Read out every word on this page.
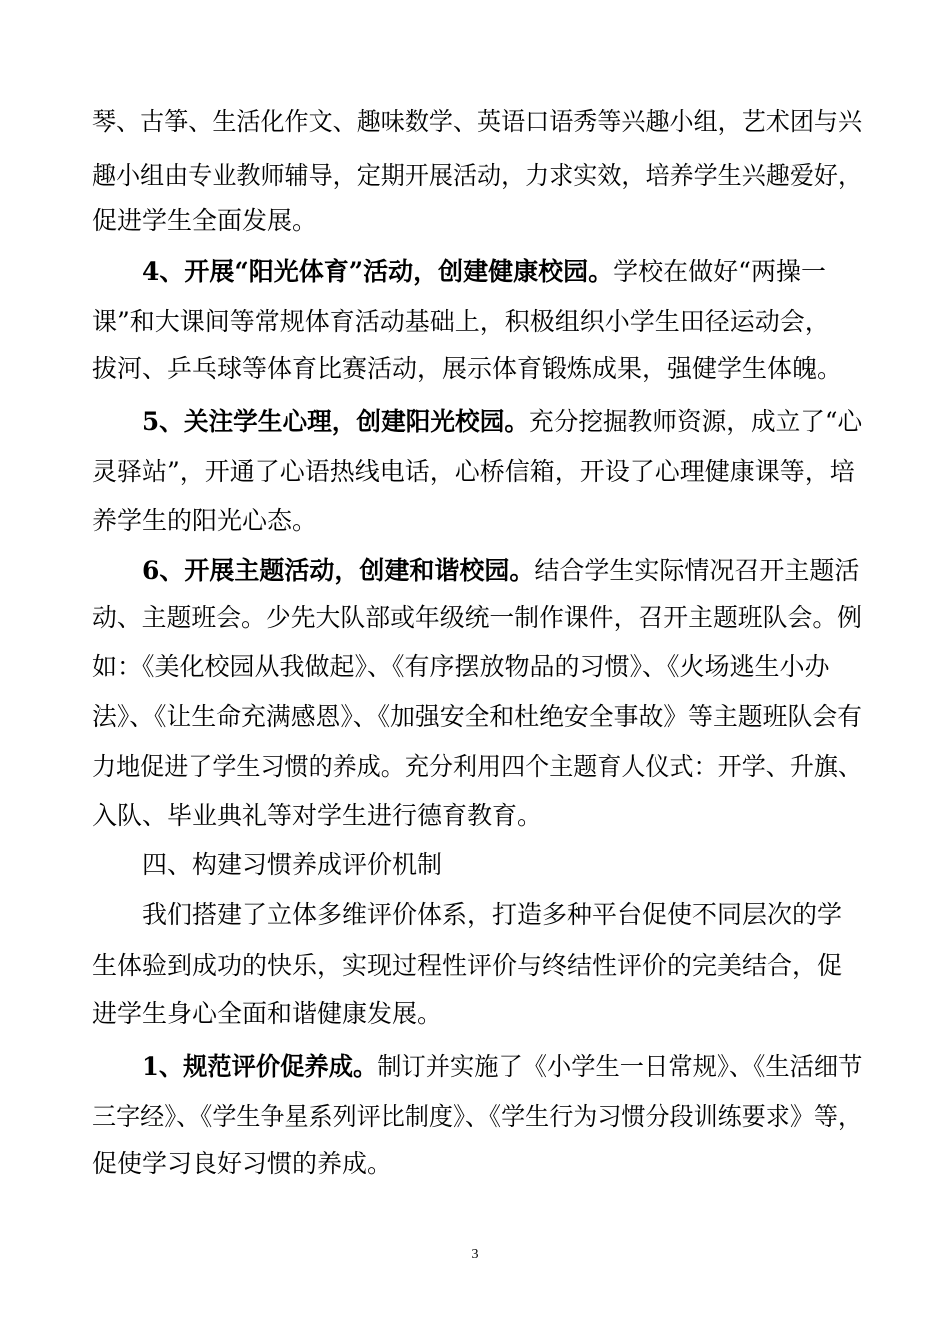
琴、古筝、生活化作文、趣味数学、英语口语秀等兴趣小组，艺术团与兴
趣小组由专业教师辅导，定期开展活动，力求实效，培养学生兴趣爱好，
促进学生全面发展。
4、开展“阳光体育”活动，创建健康校园。学校在做好“两操一
课”和大课间等常规体育活动基础上，积极组织小学生田径运动会，
拔河、乒乓球等体育比赛活动，展示体育锻炼成果，强健学生体魄。
5、关注学生心理，创建阳光校园。充分挖掘教师资源，成立了“心
灵驿站”，开通了心语热线电话，心桥信箱，开设了心理健康课等，培
养学生的阳光心态。
6、开展主题活动，创建和谐校园。结合学生实际情况召开主题活
动、主题班会。少先大队部或年级统一制作课件，召开主题班队会。例
如：《美化校园从我做起》、《有序摆放物品的习惯》、《火场逃生小办
法》、《让生命充满感恩》、《加强安全和杜绝安全事故》等主题班队会有
力地促进了学生习惯的养成。充分利用四个主题育人仪式：开学、升旗、
入队、毕业典礼等对学生进行德育教育。
四、构建习惯养成评价机制
我们搭建了立体多维评价体系，打造多种平台促使不同层次的学
生体验到成功的快乐，实现过程性评价与终结性评价的完美结合，促
进学生身心全面和谐健康发展。
1、规范评价促养成。制订并实施了《小学生一日常规》、《生活细节
三字经》、《学生争星系列评比制度》、《学生行为习惯分段训练要求》等，
促使学习良好习惯的养成。
3
